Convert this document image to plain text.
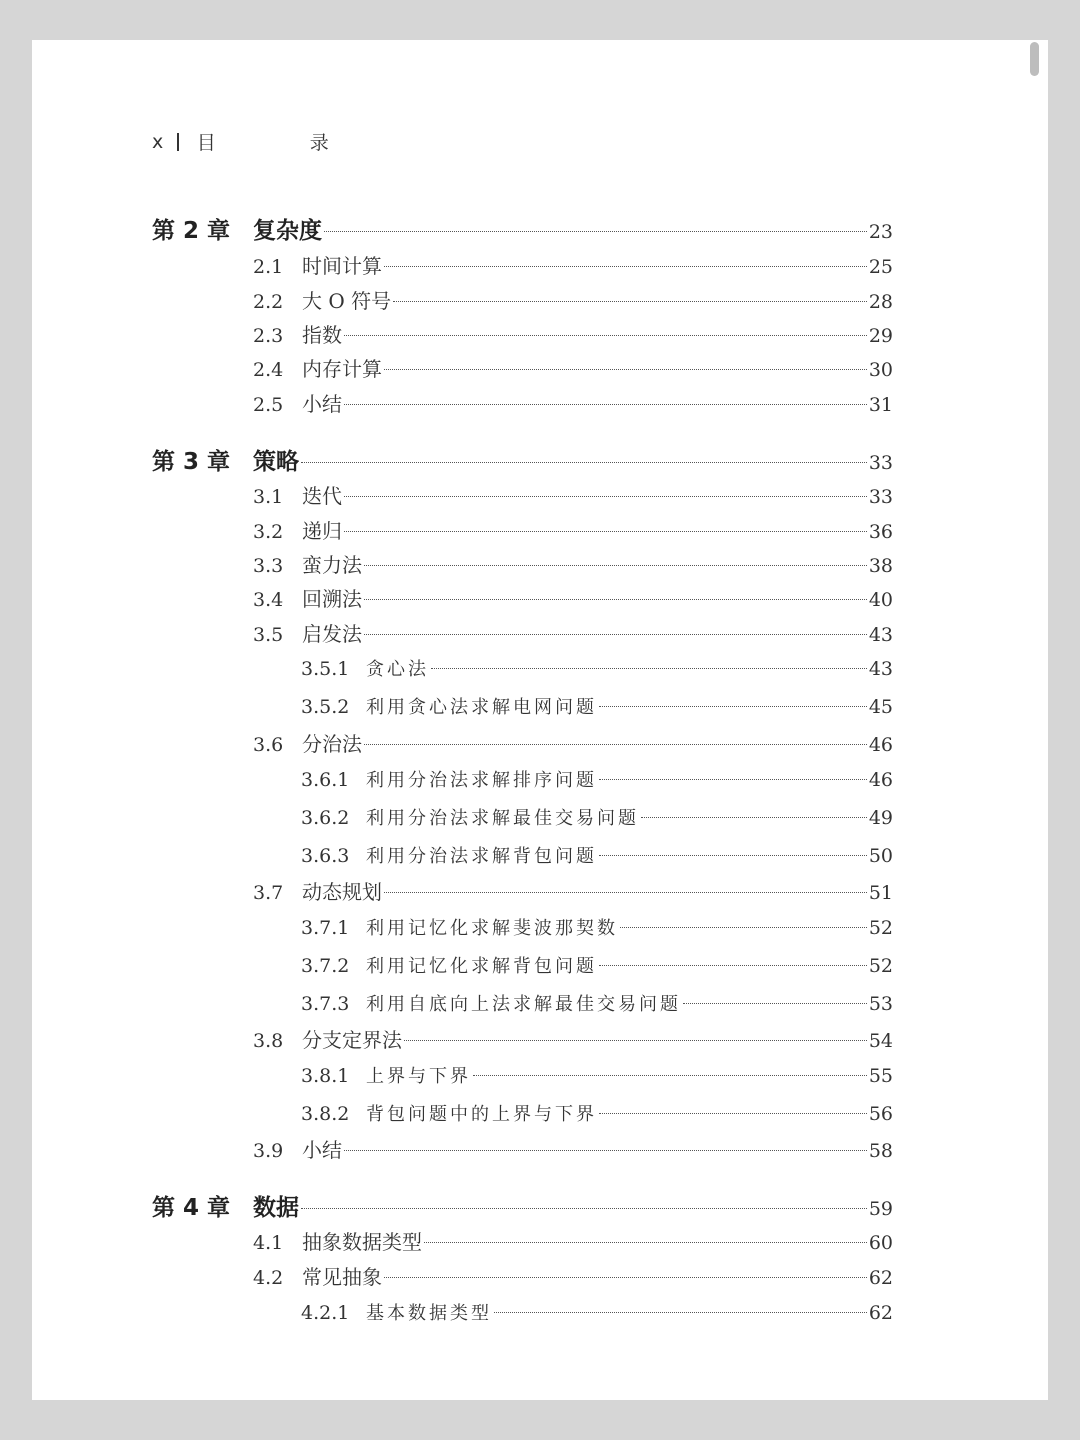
x 目 录
第 2 章 复杂度	23
2.1 时间计算	25
2.2 大 O 符号	28
2.3 指数	29
2.4 内存计算	30
2.5 小结	31
第 3 章 策略	33
3.1 迭代	33
3.2 递归	36
3.3 蛮力法	38
3.4 回溯法	40
3.5 启发法	43
3.5.1 贪心法	43
3.5.2 利用贪心法求解电网问题	45
3.6 分治法	46
3.6.1 利用分治法求解排序问题	46
3.6.2 利用分治法求解最佳交易问题	49
3.6.3 利用分治法求解背包问题	50
3.7 动态规划	51
3.7.1 利用记忆化求解斐波那契数	52
3.7.2 利用记忆化求解背包问题	52
3.7.3 利用自底向上法求解最佳交易问题	53
3.8 分支定界法	54
3.8.1 上界与下界	55
3.8.2 背包问题中的上界与下界	56
3.9 小结	58
第 4 章 数据	59
4.1 抽象数据类型	60
4.2 常见抽象	62
4.2.1 基本数据类型	62
